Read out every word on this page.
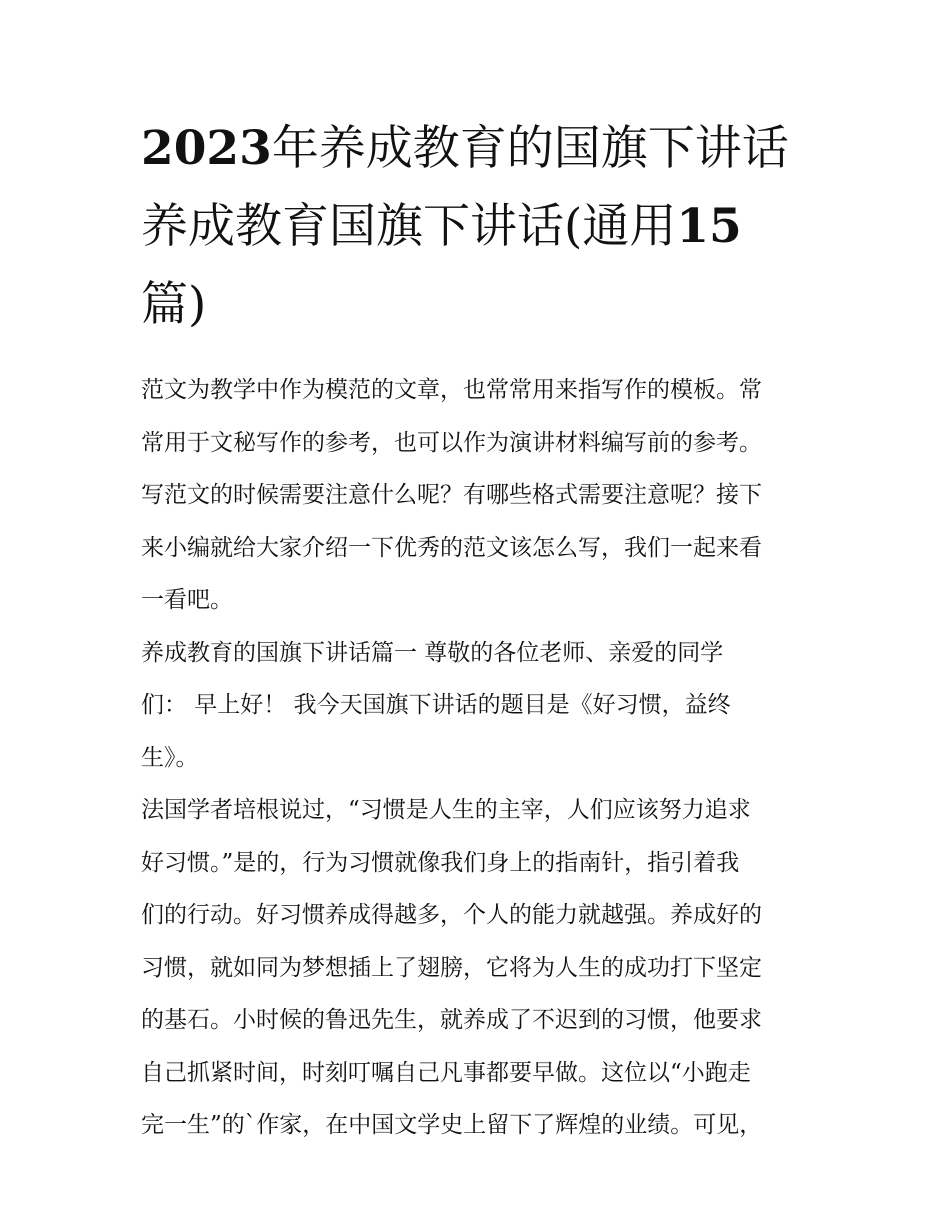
2023年养成教育的国旗下讲话
养成教育国旗下讲话(通用15
篇)

范文为教学中作为模范的文章，也常常用来指写作的模板。常
常用于文秘写作的参考，也可以作为演讲材料编写前的参考。
写范文的时候需要注意什么呢？有哪些格式需要注意呢？接下
来小编就给大家介绍一下优秀的范文该怎么写，我们一起来看
一看吧。

养成教育的国旗下讲话篇一 尊敬的各位老师、亲爱的同学
们： 早上好！ 我今天国旗下讲话的题目是《好习惯，益终
生》。

法国学者培根说过，“习惯是人生的主宰，人们应该努力追求
好习惯。”是的，行为习惯就像我们身上的指南针，指引着我
们的行动。好习惯养成得越多，个人的能力就越强。养成好的
习惯，就如同为梦想插上了翅膀，它将为人生的成功打下坚定
的基石。小时候的鲁迅先生，就养成了不迟到的习惯，他要求
自己抓紧时间，时刻叮嘱自己凡事都要早做。这位以“小跑走
完一生”的`作家，在中国文学史上留下了辉煌的业绩。可见，
